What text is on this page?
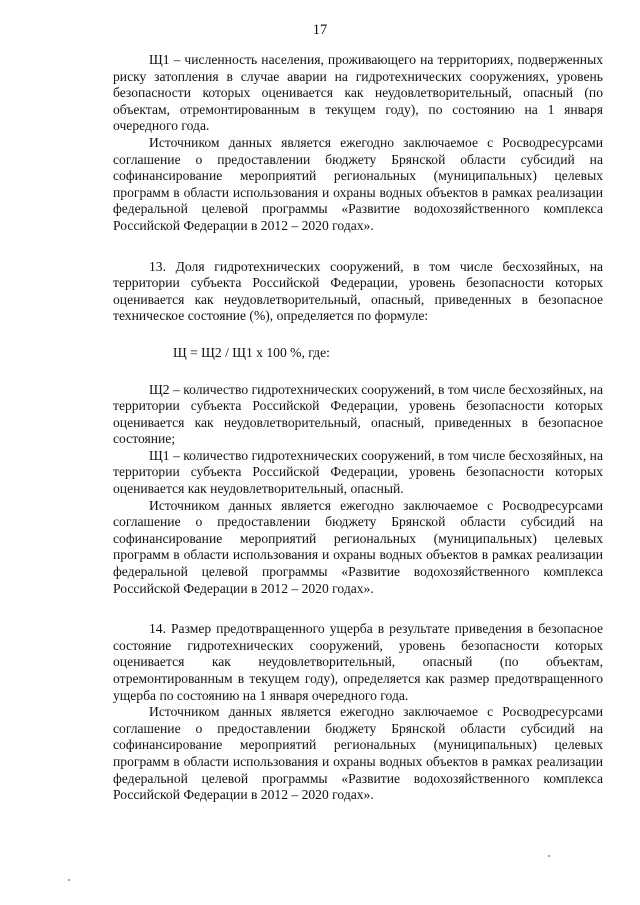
17

Щ1 – численность населения, проживающего на территориях, подверженных риску затопления в случае аварии на гидротехнических сооружениях, уровень безопасности которых оценивается как неудовлетворительный, опасный (по объектам, отремонтированным в текущем году), по состоянию на 1 января очередного года.

Источником данных является ежегодно заключаемое с Росводресурсами соглашение о предоставлении бюджету Брянской области субсидий на софинансирование мероприятий региональных (муниципальных) целевых программ в области использования и охраны водных объектов в рамках реализации федеральной целевой программы «Развитие водохозяйственного комплекса Российской Федерации в 2012 – 2020 годах».

13. Доля гидротехнических сооружений, в том числе бесхозяйных, на территории субъекта Российской Федерации, уровень безопасности которых оценивается как неудовлетворительный, опасный, приведенных в безопасное техническое состояние (%), определяется по формуле:

Щ = Щ2 / Щ1 x 100 %, где:

Щ2 – количество гидротехнических сооружений, в том числе бесхозяйных, на территории субъекта Российской Федерации, уровень безопасности которых оценивается как неудовлетворительный, опасный, приведенных в безопасное состояние;

Щ1 – количество гидротехнических сооружений, в том числе бесхозяйных, на территории субъекта Российской Федерации, уровень безопасности которых оценивается как неудовлетворительный, опасный.

Источником данных является ежегодно заключаемое с Росводресурсами соглашение о предоставлении бюджету Брянской области субсидий на софинансирование мероприятий региональных (муниципальных) целевых программ в области использования и охраны водных объектов в рамках реализации федеральной целевой программы «Развитие водохозяйственного комплекса Российской Федерации в 2012 – 2020 годах».

14. Размер предотвращенного ущерба в результате приведения в безопасное состояние гидротехнических сооружений, уровень безопасности которых оценивается как неудовлетворительный, опасный (по объектам, отремонтированным в текущем году), определяется как размер предотвращенного ущерба по состоянию на 1 января очередного года.

Источником данных является ежегодно заключаемое с Росводресурсами соглашение о предоставлении бюджету Брянской области субсидий на софинансирование мероприятий региональных (муниципальных) целевых программ в области использования и охраны водных объектов в рамках реализации федеральной целевой программы «Развитие водохозяйственного комплекса Российской Федерации в 2012 – 2020 годах».
